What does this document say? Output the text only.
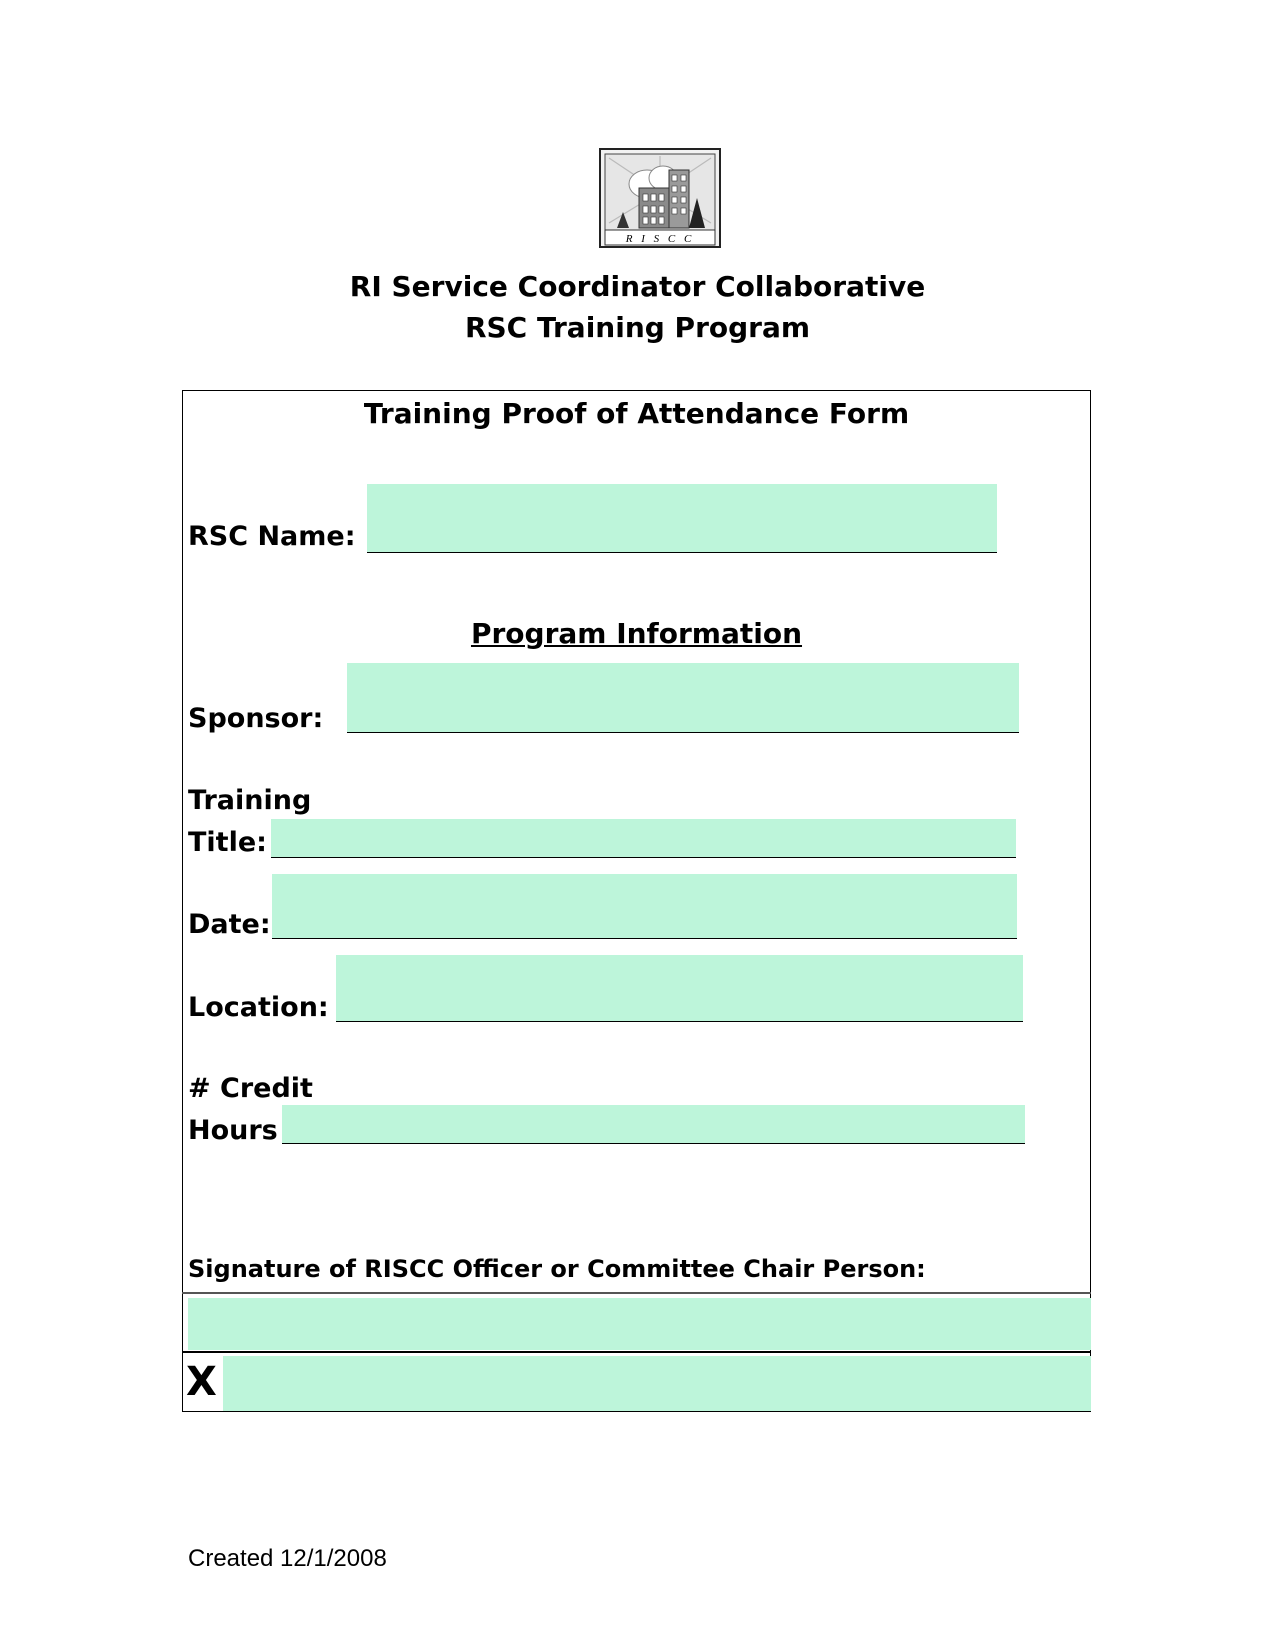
R I S C C
RI Service Coordinator Collaborative
RSC Training Program
Training Proof of Attendance Form
RSC Name:
Program Information
Sponsor:
Training
Title:
Date:
Location:
# Credit
Hours
Signature of RISCC Officer or Committee Chair Person:
X
Created 12/1/2008
